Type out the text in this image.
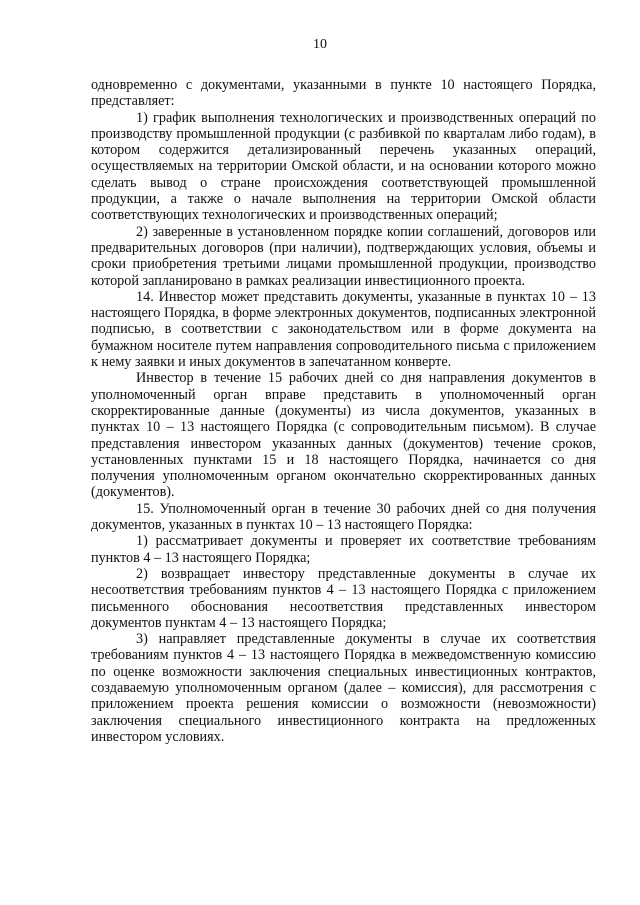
10

одновременно с документами, указанными в пункте 10 настоящего Порядка, представляет:

1) график выполнения технологических и производственных операций по производству промышленной продукции (с разбивкой по кварталам либо годам), в котором содержится детализированный перечень указанных операций, осуществляемых на территории Омской области, и на основании которого можно сделать вывод о стране происхождения соответствующей промышленной продукции, а также о начале выполнения на территории Омской области соответствующих технологических и производственных операций;

2) заверенные в установленном порядке копии соглашений, договоров или предварительных договоров (при наличии), подтверждающих условия, объемы и сроки приобретения третьими лицами промышленной продукции, производство которой запланировано в рамках реализации инвестиционного проекта.

14. Инвестор может представить документы, указанные в пунктах 10 – 13 настоящего Порядка, в форме электронных документов, подписанных электронной подписью, в соответствии с законодательством или в форме документа на бумажном носителе путем направления сопроводительного письма с приложением к нему заявки и иных документов в запечатанном конверте.

Инвестор в течение 15 рабочих дней со дня направления документов в уполномоченный орган вправе представить в уполномоченный орган скорректированные данные (документы) из числа документов, указанных в пунктах 10 – 13 настоящего Порядка (с сопроводительным письмом). В случае представления инвестором указанных данных (документов) течение сроков, установленных пунктами 15 и 18 настоящего Порядка, начинается со дня получения уполномоченным органом окончательно скорректированных данных (документов).

15. Уполномоченный орган в течение 30 рабочих дней со дня получения документов, указанных в пунктах 10 – 13 настоящего Порядка:

1) рассматривает документы и проверяет их соответствие требованиям пунктов 4 – 13 настоящего Порядка;

2) возвращает инвестору представленные документы в случае их несоответствия требованиям пунктов 4 – 13 настоящего Порядка с приложением письменного обоснования несоответствия представленных инвестором документов пунктам 4 – 13 настоящего Порядка;

3) направляет представленные документы в случае их соответствия требованиям пунктов 4 – 13 настоящего Порядка в межведомственную комиссию по оценке возможности заключения специальных инвестиционных контрактов, создаваемую уполномоченным органом (далее – комиссия), для рассмотрения с приложением проекта решения комиссии о возможности (невозможности) заключения специального инвестиционного контракта на предложенных инвестором условиях.
